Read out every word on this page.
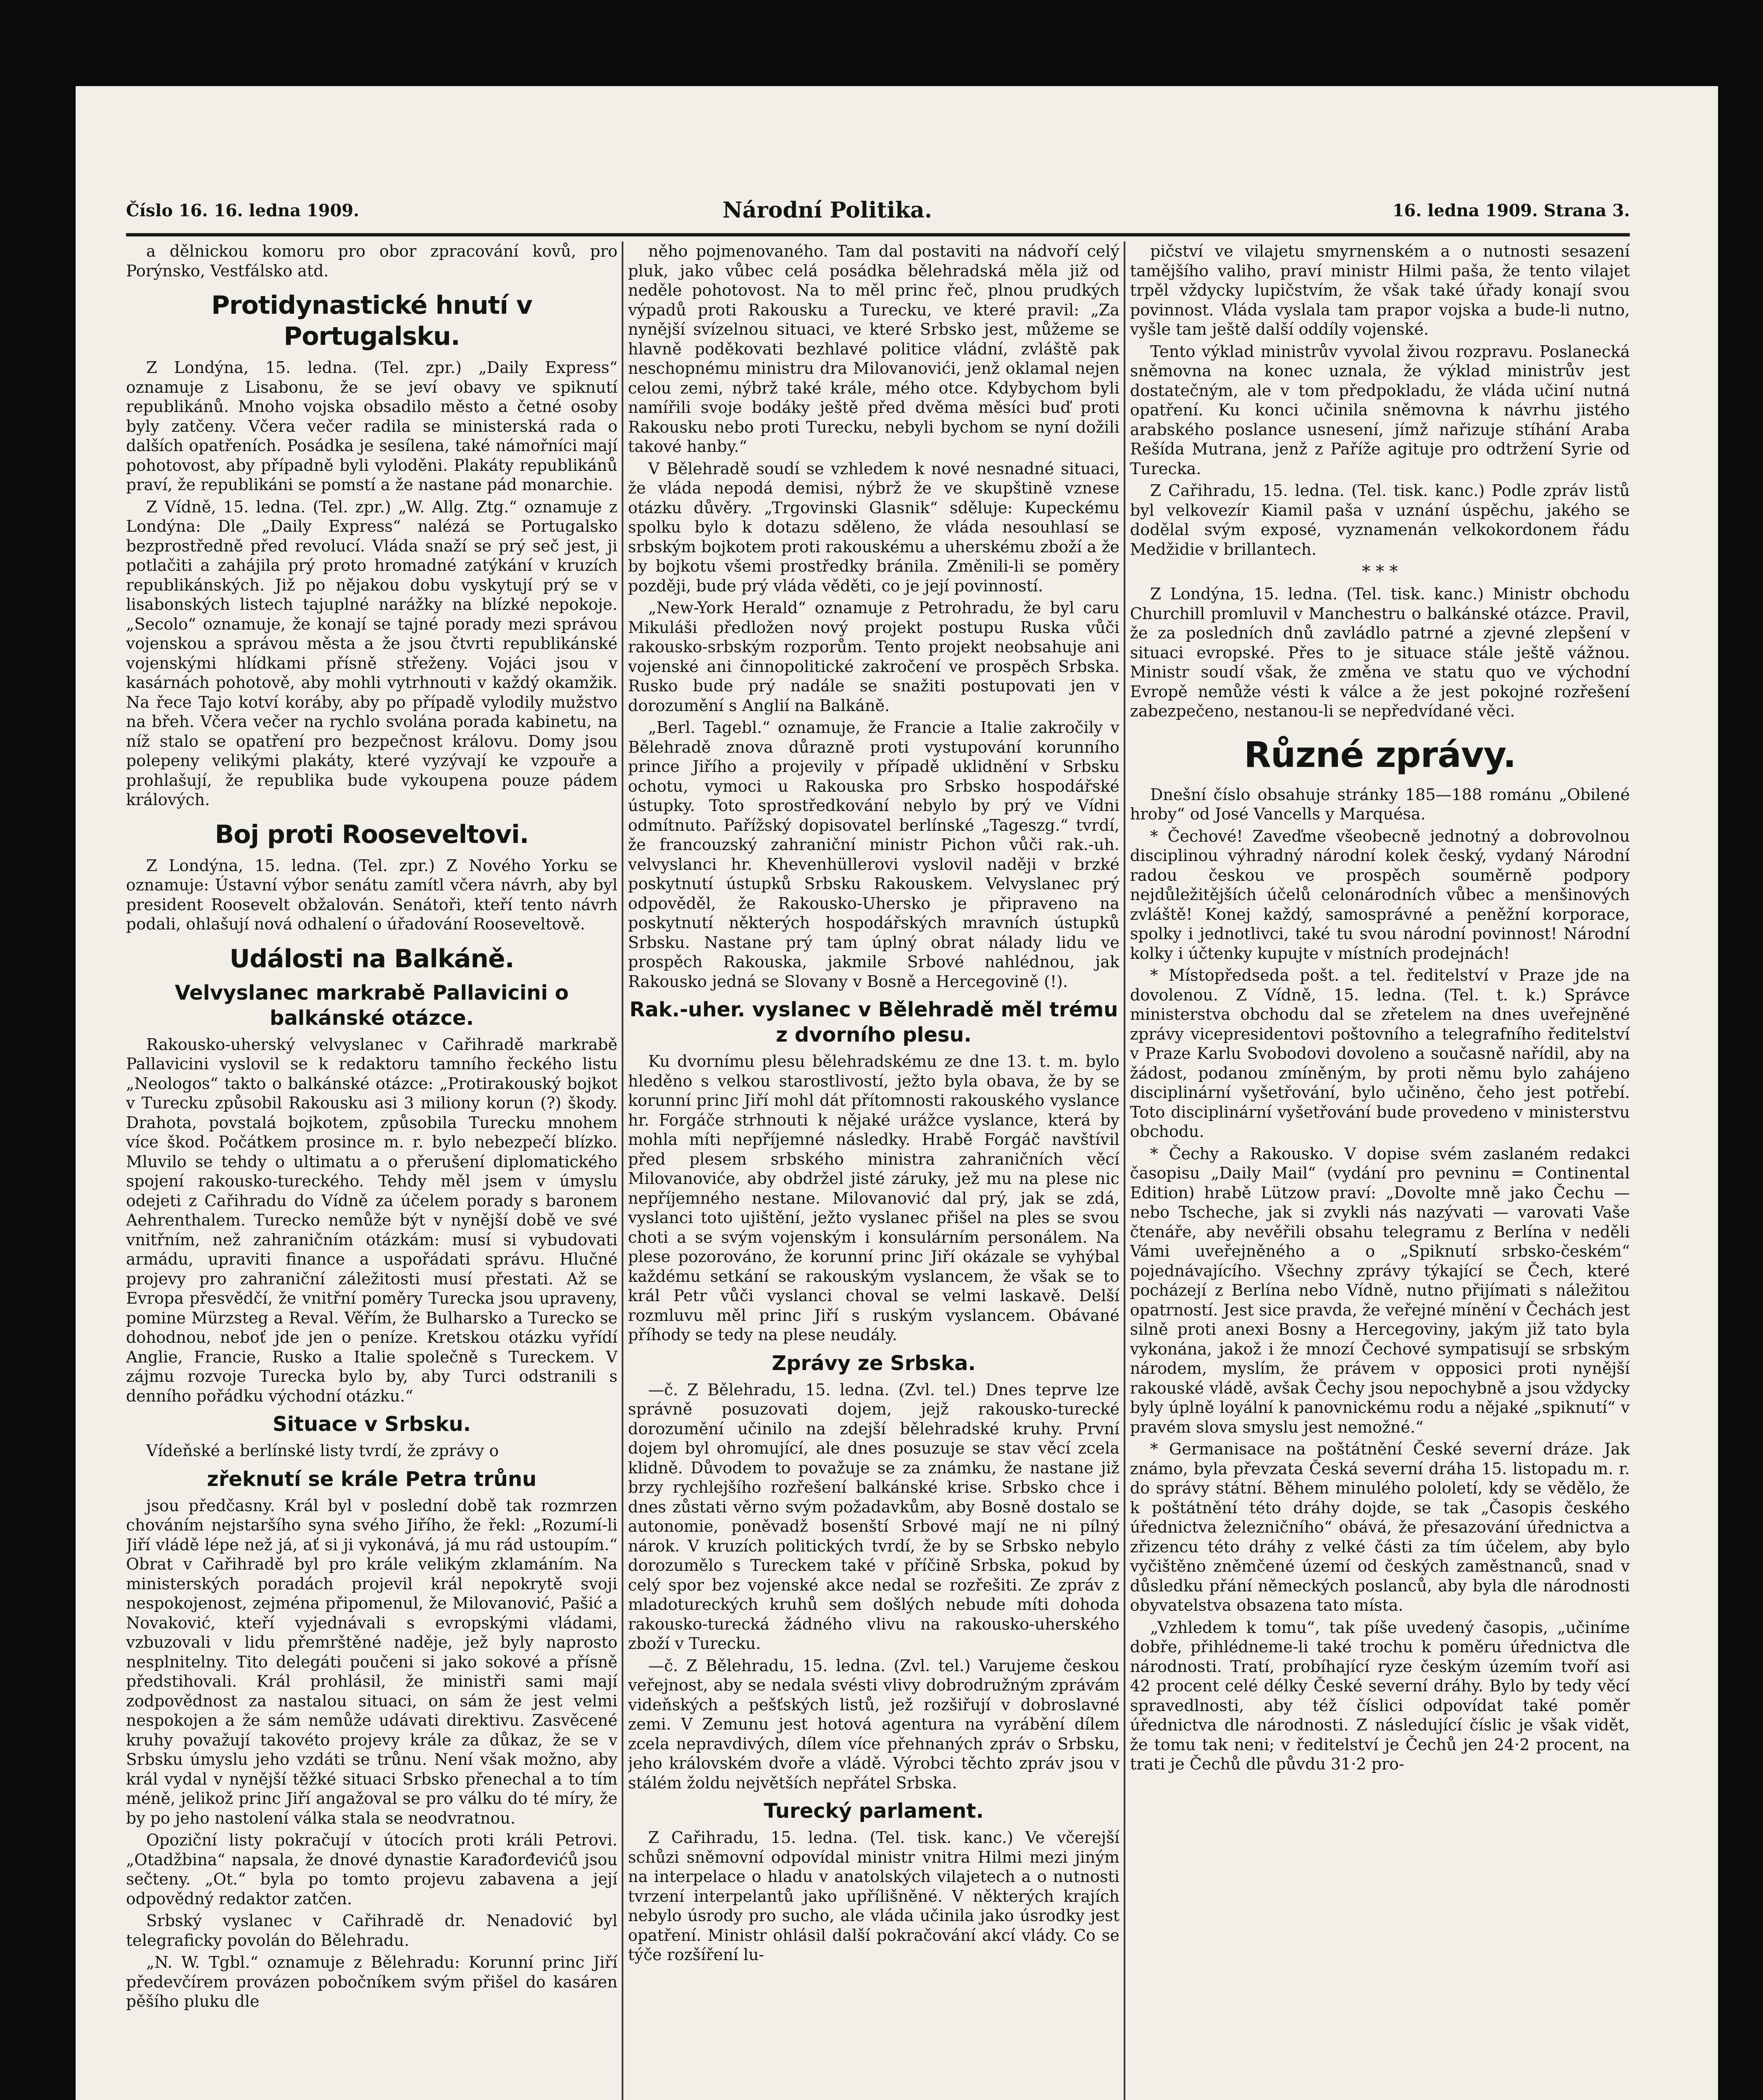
Číslo 16. 16. ledna 1909.	Národní Politika.	16. ledna 1909. Strana 3.
a dělnickou komoru pro obor zpracování kovů, pro Porýnsko, Vestfálsko atd.
Protidynastické hnutí v Portugalsku.
Z Londýna, 15. ledna. (Tel. zpr.) „Daily Express“ oznamuje z Lisabonu, že se jeví obavy ve spiknutí republikánů. Mnoho vojska obsadilo město a četné osoby byly zatčeny. Včera večer radila se ministerská rada o dalších opatřeních. Posádka je sesílena, také námořníci mají pohotovost, aby případně byli vyloděni. Plakáty republikánů praví, že republikáni se pomstí a že nastane pád monarchie.
Z Vídně, 15. ledna. (Tel. zpr.) „W. Allg. Ztg.“ oznamuje z Londýna: Dle „Daily Express“ nalézá se Portugalsko bezprostředně před revolucí. Vláda snaží se prý seč jest, ji potlačiti a zahájila prý proto hromadné zatýkání v kruzích republikánských. Již po nějakou dobu vyskytují prý se v lisabonských listech tajuplné narážky na blízké nepokoje. „Secolo“ oznamuje, že konají se tajné porady mezi správou vojenskou a správou města a že jsou čtvrti republikánské vojenskými hlídkami přísně střeženy. Vojáci jsou v kasárnách pohotově, aby mohli vytrhnouti v každý okamžik. Na řece Tajo kotví koráby, aby po případě vylodily mužstvo na břeh. Včera večer na rychlo svolána porada kabinetu, na níž stalo se opatření pro bezpečnost královu. Domy jsou polepeny velikými plakáty, které vyzývají ke vzpouře a prohlašují, že republika bude vykoupena pouze pádem králových.
Boj proti Rooseveltovi.
Z Londýna, 15. ledna. (Tel. zpr.) Z Nového Yorku se oznamuje: Ústavní výbor senátu zamítl včera návrh, aby byl president Roosevelt obžalován. Senátoři, kteří tento návrh podali, ohlašují nová odhalení o úřadování Rooseveltově.
Události na Balkáně.
Velvyslanec markrabě Pallavicini o balkánské otázce.
Rakousko-uherský velvyslanec v Cařihradě markrabě Pallavicini vyslovil se k redaktoru tamního řeckého listu „Neologos“ takto o balkánské otázce: „Protirakouský bojkot v Turecku způsobil Rakousku asi 3 miliony korun (?) škody. Drahota, povstalá bojkotem, způsobila Turecku mnohem více škod. Počátkem prosince m. r. bylo nebezpečí blízko. Mluvilo se tehdy o ultimatu a o přerušení diplomatického spojení rakousko-tureckého. Tehdy měl jsem v úmyslu odejeti z Cařihradu do Vídně za účelem porady s baronem Aehrenthalem. Turecko nemůže být v nynější době ve své vnitřním, než zahraničním otázkám: musí si vybudovati armádu, upraviti finance a uspořádati správu. Hlučné projevy pro zahraniční záležitosti musí přestati. Až se Evropa přesvědčí, že vnitřní poměry Turecka jsou upraveny, pomine Mürzsteg a Reval. Věřím, že Bulharsko a Turecko se dohodnou, neboť jde jen o peníze. Kretskou otázku vyřídí Anglie, Francie, Rusko a Italie společně s Tureckem. V zájmu rozvoje Turecka bylo by, aby Turci odstranili s denního pořádku východní otázku.“
Situace v Srbsku.
Vídeňské a berlínské listy tvrdí, že zprávy o
zřeknutí se krále Petra trůnu
jsou předčasny. Král byl v poslední době tak rozmrzen chováním nejstaršího syna svého Jiřího, že řekl: „Rozumí-li Jiří vládě lépe než já, ať si ji vykonává, já mu rád ustoupím.“ Obrat v Cařihradě byl pro krále velikým zklamáním. Na ministerských poradách projevil král nepokrytě svoji nespokojenost, zejména připomenul, že Milovanović, Pašić a Novaković, kteří vyjednávali s evropskými vládami, vzbuzovali v lidu přemrštěné naděje, jež byly naprosto nesplnitelny. Tito delegáti poučeni si jako sokové a přísně předstihovali. Král prohlásil, že ministři sami mají zodpovědnost za nastalou situaci, on sám že jest velmi nespokojen a že sám nemůže udávati direktivu. Zasvěcené kruhy považují takovéto projevy krále za důkaz, že se v Srbsku úmyslu jeho vzdáti se trůnu. Není však možno, aby král vydal v nynější těžké situaci Srbsko přenechal a to tím méně, jelikož princ Jiří angažoval se pro válku do té míry, že by po jeho nastolení válka stala se neodvratnou.
Opoziční listy pokračují v útocích proti králi Petrovi. „Otadžbina“ napsala, že dnové dynastie Karađorđevićů jsou sečteny. „Ot.“ byla po tomto projevu zabavena a její odpovědný redaktor zatčen.
Srbský vyslanec v Cařihradě dr. Nenadović byl telegraficky povolán do Bělehradu.
„N. W. Tgbl.“ oznamuje z Bělehradu: Korunní princ Jiří předevčírem provázen pobočníkem svým přišel do kasáren pěšího pluku dle
něho pojmenovaného. Tam dal postaviti na nádvoří celý pluk, jako vůbec celá posádka bělehradská měla již od neděle pohotovost. Na to měl princ řeč, plnou prudkých výpadů proti Rakousku a Turecku, ve které pravil: „Za nynější svízelnou situaci, ve které Srbsko jest, můžeme se hlavně poděkovati bezhlavé politice vládní, zvláště pak neschopnému ministru dra Milovanovići, jenž oklamal nejen celou zemi, nýbrž také krále, mého otce. Kdybychom byli namířili svoje bodáky ještě před dvěma měsíci buď proti Rakousku nebo proti Turecku, nebyli bychom se nyní dožili takové hanby.“
V Bělehradě soudí se vzhledem k nové nesnadné situaci, že vláda nepodá demisi, nýbrž že ve skupštině vznese otázku důvěry. „Trgovinski Glasnik“ sděluje: Kupeckému spolku bylo k dotazu sděleno, že vláda nesouhlasí se srbským bojkotem proti rakouskému a uherskému zboží a že by bojkotu všemi prostředky bránila. Změnili-li se poměry později, bude prý vláda věděti, co je její povinností.
„New-York Herald“ oznamuje z Petrohradu, že byl caru Mikuláši předložen nový projekt postupu Ruska vůči rakousko-srbským rozporům. Tento projekt neobsahuje ani vojenské ani činnopolitické zakročení ve prospěch Srbska. Rusko bude prý nadále se snažiti postupovati jen v dorozumění s Anglií na Balkáně.
„Berl. Tagebl.“ oznamuje, že Francie a Italie zakročily v Bělehradě znova důrazně proti vystupování korunního prince Jiřího a projevily v případě uklidnění v Srbsku ochotu, vymoci u Rakouska pro Srbsko hospodářské ústupky. Toto sprostředkování nebylo by prý ve Vídni odmítnuto. Pařížský dopisovatel berlínské „Tageszg.“ tvrdí, že francouzský zahraniční ministr Pichon vůči rak.-uh. velvyslanci hr. Khevenhüllerovi vyslovil naději v brzké poskytnutí ústupků Srbsku Rakouskem. Velvyslanec prý odpověděl, že Rakousko-Uhersko je připraveno na poskytnutí některých hospodářských mravních ústupků Srbsku. Nastane prý tam úplný obrat nálady lidu ve prospěch Rakouska, jakmile Srbové nahlédnou, jak Rakousko jedná se Slovany v Bosně a Hercegovině (!).
Rak.-uher. vyslanec v Bělehradě měl trému z dvorního plesu.
Ku dvornímu plesu bělehradskému ze dne 13. t. m. bylo hleděno s velkou starostlivostí, ježto byla obava, že by se korunní princ Jiří mohl dát přítomnosti rakouského vyslance hr. Forgáče strhnouti k nějaké urážce vyslance, která by mohla míti nepříjemné následky. Hrabě Forgáč navštívil před plesem srbského ministra zahraničních věcí Milovanoviće, aby obdržel jisté záruky, jež mu na plese nic nepříjemného nestane. Milovanović dal prý, jak se zdá, vyslanci toto ujištění, ježto vyslanec přišel na ples se svou choti a se svým vojenským i konsulárním personálem. Na plese pozorováno, že korunní princ Jiří okázale se vyhýbal každému setkání se rakouským vyslancem, že však se to král Petr vůči vyslanci choval se velmi laskavě. Delší rozmluvu měl princ Jiří s ruským vyslancem. Obávané příhody se tedy na plese neudály.
Zprávy ze Srbska.
—č. Z Bělehradu, 15. ledna. (Zvl. tel.) Dnes teprve lze správně posuzovati dojem, jejž rakousko-turecké dorozumění učinilo na zdejší bělehradské kruhy. První dojem byl ohromující, ale dnes posuzuje se stav věcí zcela klidně. Důvodem to považuje se za známku, že nastane již brzy rychlejšího rozřešení balkánské krise. Srbsko chce i dnes zůstati věrno svým požadavkům, aby Bosně dostalo se autonomie, poněvadž bosenští Srbové mají ne ni pílný nárok. V kruzích politických tvrdí, že by se Srbsko nebylo dorozumělo s Tureckem také v příčině Srbska, pokud by celý spor bez vojenské akce nedal se rozřešiti. Ze zpráv z mladotureckých kruhů sem došlých nebude míti dohoda rakousko-turecká žádného vlivu na rakousko-uherského zboží v Turecku.
—č. Z Bělehradu, 15. ledna. (Zvl. tel.) Varujeme českou veřejnost, aby se nedala svésti vlivy dobrodružným zprávám videňských a pešťských listů, jež rozšiřují v dobroslavné zemi. V Zemunu jest hotová agentura na vyrábění dílem zcela nepravdivých, dílem více přehnaných zpráv o Srbsku, jeho královském dvoře a vládě. Výrobci těchto zpráv jsou v stálém žoldu největších nepřátel Srbska.
Turecký parlament.
Z Cařihradu, 15. ledna. (Tel. tisk. kanc.) Ve včerejší schůzi sněmovní odpovídal ministr vnitra Hilmi mezi jiným na interpelace o hladu v anatolských vilajetech a o nutnosti tvrzení interpelantů jako upřílišněné. V některých krajích nebylo úsrody pro sucho, ale vláda učinila jako úsrodky jest opatření. Ministr ohlásil další pokračování akcí vlády. Co se týče rozšíření lu-
pičství ve vilajetu smyrnenském a o nutnosti sesazení tamějšího valiho, praví ministr Hilmi paša, že tento vilajet trpěl vždycky lupičstvím, že však také úřady konají svou povinnost. Vláda vyslala tam prapor vojska a bude-li nutno, vyšle tam ještě další oddíly vojenské.
Tento výklad ministrův vyvolal živou rozpravu. Poslanecká sněmovna na konec uznala, že výklad ministrův jest dostatečným, ale v tom předpokladu, že vláda učiní nutná opatření. Ku konci učinila sněmovna k návrhu jistého arabského poslance usnesení, jímž nařizuje stíhání Araba Rešída Mutrana, jenž z Paříže agituje pro odtržení Syrie od Turecka.
Z Cařihradu, 15. ledna. (Tel. tisk. kanc.) Podle zpráv listů byl velkovezír Kiamil paša v uznání úspěchu, jakého se dodělal svým exposé, vyznamenán velkokordonem řádu Medžidie v brillantech.
* * *
Z Londýna, 15. ledna. (Tel. tisk. kanc.) Ministr obchodu Churchill promluvil v Manchestru o balkánské otázce. Pravil, že za posledních dnů zavládlo patrné a zjevné zlepšení v situaci evropské. Přes to je situace stále ještě vážnou. Ministr soudí však, že změna ve statu quo ve východní Evropě nemůže vésti k válce a že jest pokojné rozřešení zabezpečeno, nestanou-li se nepředvídané věci.
Různé zprávy.
Dnešní číslo obsahuje stránky 185—188 románu „Obilené hroby“ od José Vancells y Marquésa.
* Čechové! Zaveďme všeobecně jednotný a dobrovolnou disciplinou výhradný národní kolek český, vydaný Národní radou českou ve prospěch souměrně podpory nejdůležitějších účelů celonárodních vůbec a menšinových zvláště! Konej každý, samosprávné a peněžní korporace, spolky i jednotlivci, také tu svou národní povinnost! Národní kolky i účtenky kupujte v místních prodejnách!
* Místopředseda pošt. a tel. ředitelství v Praze jde na dovolenou. Z Vídně, 15. ledna. (Tel. t. k.) Správce ministerstva obchodu dal se zřetelem na dnes uveřejněné zprávy vicepresidentovi poštovního a telegrafního ředitelství v Praze Karlu Svobodovi dovoleno a současně nařídil, aby na žádost, podanou zmíněným, by proti němu bylo zahájeno disciplinární vyšetřování, bylo učiněno, čeho jest potřebí. Toto disciplinární vyšetřování bude provedeno v ministerstvu obchodu.
* Čechy a Rakousko. V dopise svém zaslaném redakci časopisu „Daily Mail“ (vydání pro pevninu = Continental Edition) hrabě Lützow praví: „Dovolte mně jako Čechu — nebo Tscheche, jak si zvykli nás nazývati — varovati Vaše čtenáře, aby nevěřili obsahu telegramu z Berlína v neděli Vámi uveřejněného a o „Spiknutí srbsko-českém“ pojednávajícího. Všechny zprávy týkající se Čech, které pocházejí z Berlína nebo Vídně, nutno přijímati s náležitou opatrností. Jest sice pravda, že veřejné mínění v Čechách jest silně proti anexi Bosny a Hercegoviny, jakým již tato byla vykonána, jakož i že mnozí Čechové sympatisují se srbským národem, myslím, že právem v opposici proti nynější rakouské vládě, avšak Čechy jsou nepochybně a jsou vždycky byly úplně loyální k panovnickému rodu a nějaké „spiknutí“ v pravém slova smyslu jest nemožné.“
* Germanisace na poštátnění České severní dráze. Jak známo, byla převzata Česká severní dráha 15. listopadu m. r. do správy státní. Během minulého pololetí, kdy se vědělo, že k poštátnění této dráhy dojde, se tak „Časopis českého úřednictva železničního“ obává, že přesazování úřednictva a zřizencu této dráhy z velké části za tím účelem, aby bylo vyčištěno zněmčené území od českých zaměstnanců, snad v důsledku přání německých poslanců, aby byla dle národnosti obyvatelstva obsazena tato místa.
„Vzhledem k tomu“, tak píše uvedený časopis, „učiníme dobře, přihlédneme-li také trochu k poměru úřednictva dle národnosti. Tratí, probíhající ryze českým územím tvoří asi 42 procent celé délky České severní dráhy. Bylo by tedy věcí spravedlnosti, aby též číslici odpovídat také poměr úřednictva dle národnosti. Z následující číslic je však vidět, že tomu tak neni; v ředitelství je Čechů jen 24·2 procent, na trati je Čechů dle půvdu 31·2 pro-
